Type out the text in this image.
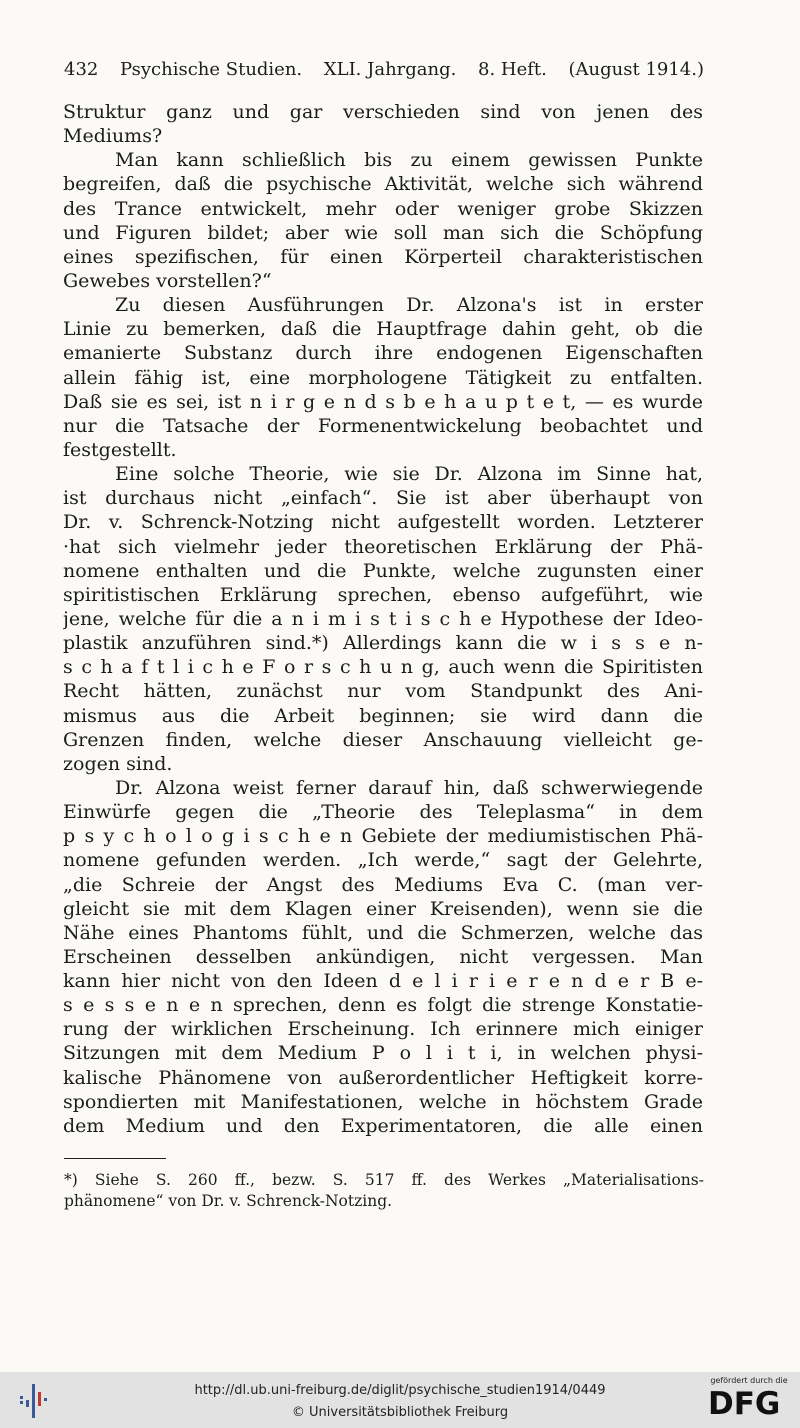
432 Psychische Studien. XLI. Jahrgang. 8. Heft. (August 1914.)
Struktur ganz und gar verschieden sind von jenen des
Mediums?
Man kann schließlich bis zu einem gewissen Punkte
begreifen, daß die psychische Aktivität, welche sich während
des Trance entwickelt, mehr oder weniger grobe Skizzen
und Figuren bildet; aber wie soll man sich die Schöpfung
eines spezifischen, für einen Körperteil charakteristischen
Gewebes vorstellen?“
Zu diesen Ausführungen Dr. Alzona's ist in erster
Linie zu bemerken, daß die Hauptfrage dahin geht, ob die
emanierte Substanz durch ihre endogenen Eigenschaften
allein fähig ist, eine morphologene Tätigkeit zu entfalten.
Daß sie es sei, ist n i r g e n d s b e h a u p t e t, — es wurde
nur die Tatsache der Formenentwickelung beobachtet und
festgestellt.
Eine solche Theorie, wie sie Dr. Alzona im Sinne hat,
ist durchaus nicht „einfach“. Sie ist aber überhaupt von
Dr. v. Schrenck-Notzing nicht aufgestellt worden. Letzterer
·hat sich vielmehr jeder theoretischen Erklärung der Phä-
nomene enthalten und die Punkte, welche zugunsten einer
spiritistischen Erklärung sprechen, ebenso aufgeführt, wie
jene, welche für die a n i m i s t i s c h e Hypothese der Ideo-
plastik anzuführen sind.*) Allerdings kann die w i s s e n-
s c h a f t l i c h e F o r s c h u n g, auch wenn die Spiritisten
Recht hätten, zunächst nur vom Standpunkt des Ani-
mismus aus die Arbeit beginnen; sie wird dann die
Grenzen finden, welche dieser Anschauung vielleicht ge-
zogen sind.
Dr. Alzona weist ferner darauf hin, daß schwerwiegende
Einwürfe gegen die „Theorie des Teleplasma“ in dem
p s y c h o l o g i s c h e n Gebiete der mediumistischen Phä-
nomene gefunden werden. „Ich werde,“ sagt der Gelehrte,
„die Schreie der Angst des Mediums Eva C. (man ver-
gleicht sie mit dem Klagen einer Kreisenden), wenn sie die
Nähe eines Phantoms fühlt, und die Schmerzen, welche das
Erscheinen desselben ankündigen, nicht vergessen. Man
kann hier nicht von den Ideen d e l i r i e r e n d e r B e-
s e s s e n e n sprechen, denn es folgt die strenge Konstatie-
rung der wirklichen Erscheinung. Ich erinnere mich einiger
Sitzungen mit dem Medium P o l i t i, in welchen physi-
kalische Phänomene von außerordentlicher Heftigkeit korre-
spondierten mit Manifestationen, welche in höchstem Grade
dem Medium und den Experimentatoren, die alle einen
*) Siehe S. 260 ff., bezw. S. 517 ff. des Werkes „Materialisations-
phänomene“ von Dr. v. Schrenck-Notzing.
http://dl.ub.uni-freiburg.de/diglit/psychische_studien1914/0449
© Universitätsbibliothek Freiburg
gefördert durch die
DFG
